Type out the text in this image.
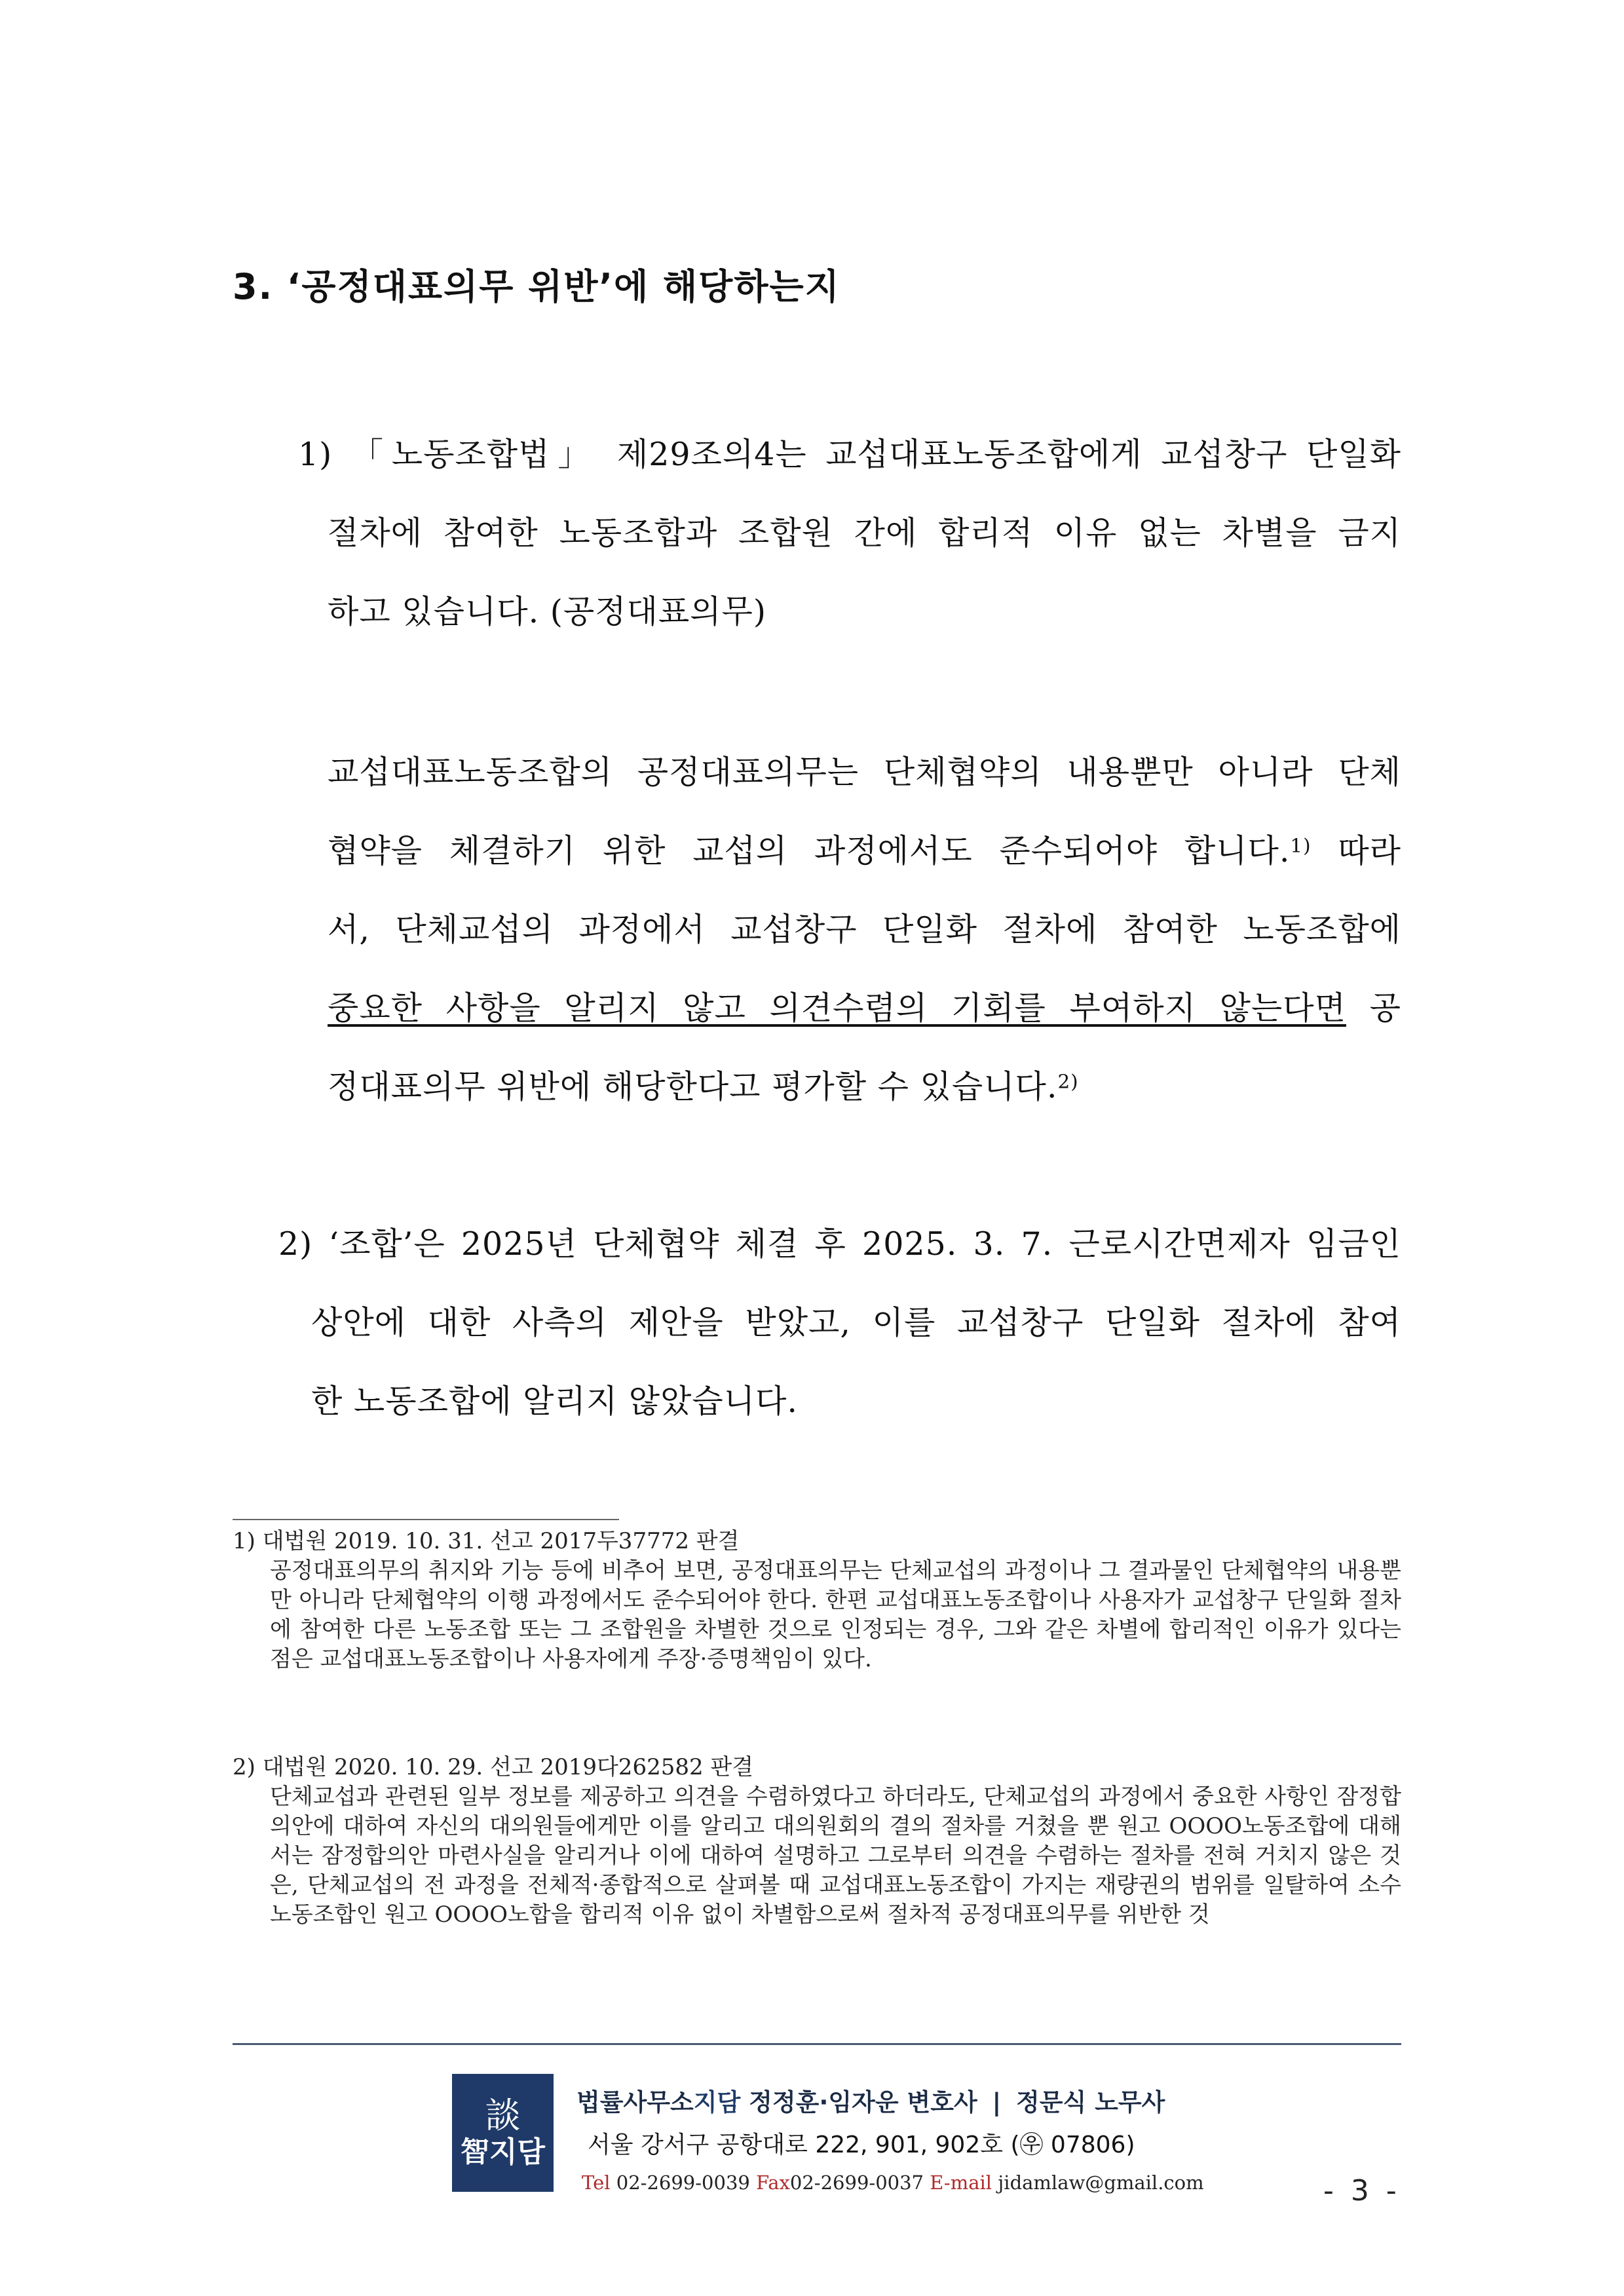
3. ‘공정대표의무 위반’에 해당하는지
1) 「노동조합법」 제29조의4는 교섭대표노동조합에게 교섭창구 단일화
절차에 참여한 노동조합과 조합원 간에 합리적 이유 없는 차별을 금지
하고 있습니다. (공정대표의무)
교섭대표노동조합의 공정대표의무는 단체협약의 내용뿐만 아니라 단체
협약을 체결하기 위한 교섭의 과정에서도 준수되어야 합니다.$^{1)}$ 따라
서, 단체교섭의 과정에서 교섭창구 단일화 절차에 참여한 노동조합에
중요한 사항을 알리지 않고 의견수렴의 기회를 부여하지 않는다면 공
정대표의무 위반에 해당한다고 평가할 수 있습니다.$^{2)}$
2) ‘조합’은 2025년 단체협약 체결 후 2025. 3. 7. 근로시간면제자 임금인
상안에 대한 사측의 제안을 받았고, 이를 교섭창구 단일화 절차에 참여
한 노동조합에 알리지 않았습니다.
1) 대법원 2019. 10. 31. 선고 2017두37772 판결
공정대표의무의 취지와 기능 등에 비추어 보면, 공정대표의무는 단체교섭의 과정이나 그 결과물인 단체협약의 내용뿐만 아니라 단체협약의 이행 과정에서도 준수되어야 한다. 한편 교섭대표노동조합이나 사용자가 교섭창구 단일화 절차에 참여한 다른 노동조합 또는 그 조합원을 차별한 것으로 인정되는 경우, 그와 같은 차별에 합리적인 이유가 있다는 점은 교섭대표노동조합이나 사용자에게 주장·증명책임이 있다.
2) 대법원 2020. 10. 29. 선고 2019다262582 판결
단체교섭과 관련된 일부 정보를 제공하고 의견을 수렴하였다고 하더라도, 단체교섭의 과정에서 중요한 사항인 잠정합의안에 대하여 자신의 대의원들에게만 이를 알리고 대의원회의 결의 절차를 거쳤을 뿐 원고 OOOO노동조합에 대해서는 잠정합의안 마련사실을 알리거나 이에 대하여 설명하고 그로부터 의견을 수렴하는 절차를 전혀 거치지 않은 것은, 단체교섭의 전 과정을 전체적·종합적으로 살펴볼 때 교섭대표노동조합이 가지는 재량권의 범위를 일탈하여 소수노동조합인 원고 OOOO노합을 합리적 이유 없이 차별함으로써 절차적 공정대표의무를 위반한 것
談
智지담
법률사무소지담 정정훈·임자운 변호사 | 정문식 노무사
서울 강서구 공항대로 222, 901, 902호 (㉾ 07806)
Tel 02-2699-0039 Fax02-2699-0037 E-mail jidamlaw@gmail.com	- 3 -
